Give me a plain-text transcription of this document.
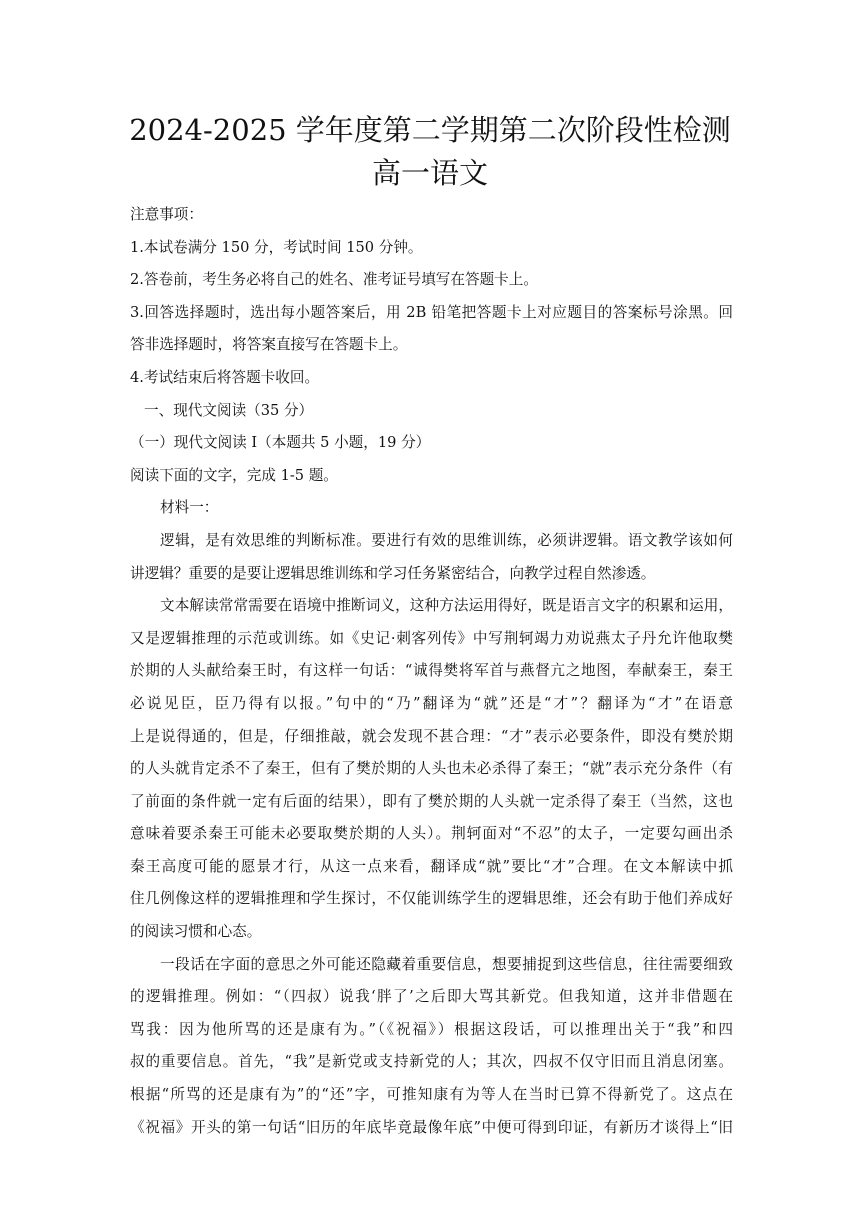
2024-2025 学年度第二学期第二次阶段性检测
高一语文
注意事项：
1.本试卷满分 150 分，考试时间 150 分钟。
2.答卷前，考生务必将自己的姓名、准考证号填写在答题卡上。
3.回答选择题时，选出每小题答案后，用 2B 铅笔把答题卡上对应题目的答案标号涂黑。回
答非选择题时，将答案直接写在答题卡上。
4.考试结束后将答题卡收回。
一、现代文阅读（35 分）
（一）现代文阅读 I（本题共 5 小题，19 分）
阅读下面的文字，完成 1-5 题。
材料一：
逻辑，是有效思维的判断标准。要进行有效的思维训练，必须讲逻辑。语文教学该如何
讲逻辑？重要的是要让逻辑思维训练和学习任务紧密结合，向教学过程自然渗透。
文本解读常常需要在语境中推断词义，这种方法运用得好，既是语言文字的积累和运用，
又是逻辑推理的示范或训练。如《史记·刺客列传》中写荆轲竭力劝说燕太子丹允许他取樊
於期的人头献给秦王时，有这样一句话：“诚得樊将军首与燕督亢之地图，奉献秦王，秦王
必说见臣，臣乃得有以报。”句中的“乃”翻译为“就”还是“才”？翻译为“才”在语意
上是说得通的，但是，仔细推敲，就会发现不甚合理：“才”表示必要条件，即没有樊於期
的人头就肯定杀不了秦王，但有了樊於期的人头也未必杀得了秦王；“就”表示充分条件（有
了前面的条件就一定有后面的结果），即有了樊於期的人头就一定杀得了秦王（当然，这也
意味着要杀秦王可能未必要取樊於期的人头）。荆轲面对“不忍”的太子，一定要勾画出杀
秦王高度可能的愿景才行，从这一点来看，翻译成“就”要比“才”合理。在文本解读中抓
住几例像这样的逻辑推理和学生探讨，不仅能训练学生的逻辑思维，还会有助于他们养成好
的阅读习惯和心态。
一段话在字面的意思之外可能还隐藏着重要信息，想要捕捉到这些信息，往往需要细致
的逻辑推理。例如：“（四叔）说我‘胖了’之后即大骂其新党。但我知道，这并非借题在
骂我：因为他所骂的还是康有为。”（《祝福》）根据这段话，可以推理出关于“我”和四
叔的重要信息。首先，“我”是新党或支持新党的人；其次，四叔不仅守旧而且消息闭塞。
根据“所骂的还是康有为”的“还”字，可推知康有为等人在当时已算不得新党了。这点在
《祝福》开头的第一句话“旧历的年底毕竟最像年底”中便可得到印证，有新历才谈得上“旧
